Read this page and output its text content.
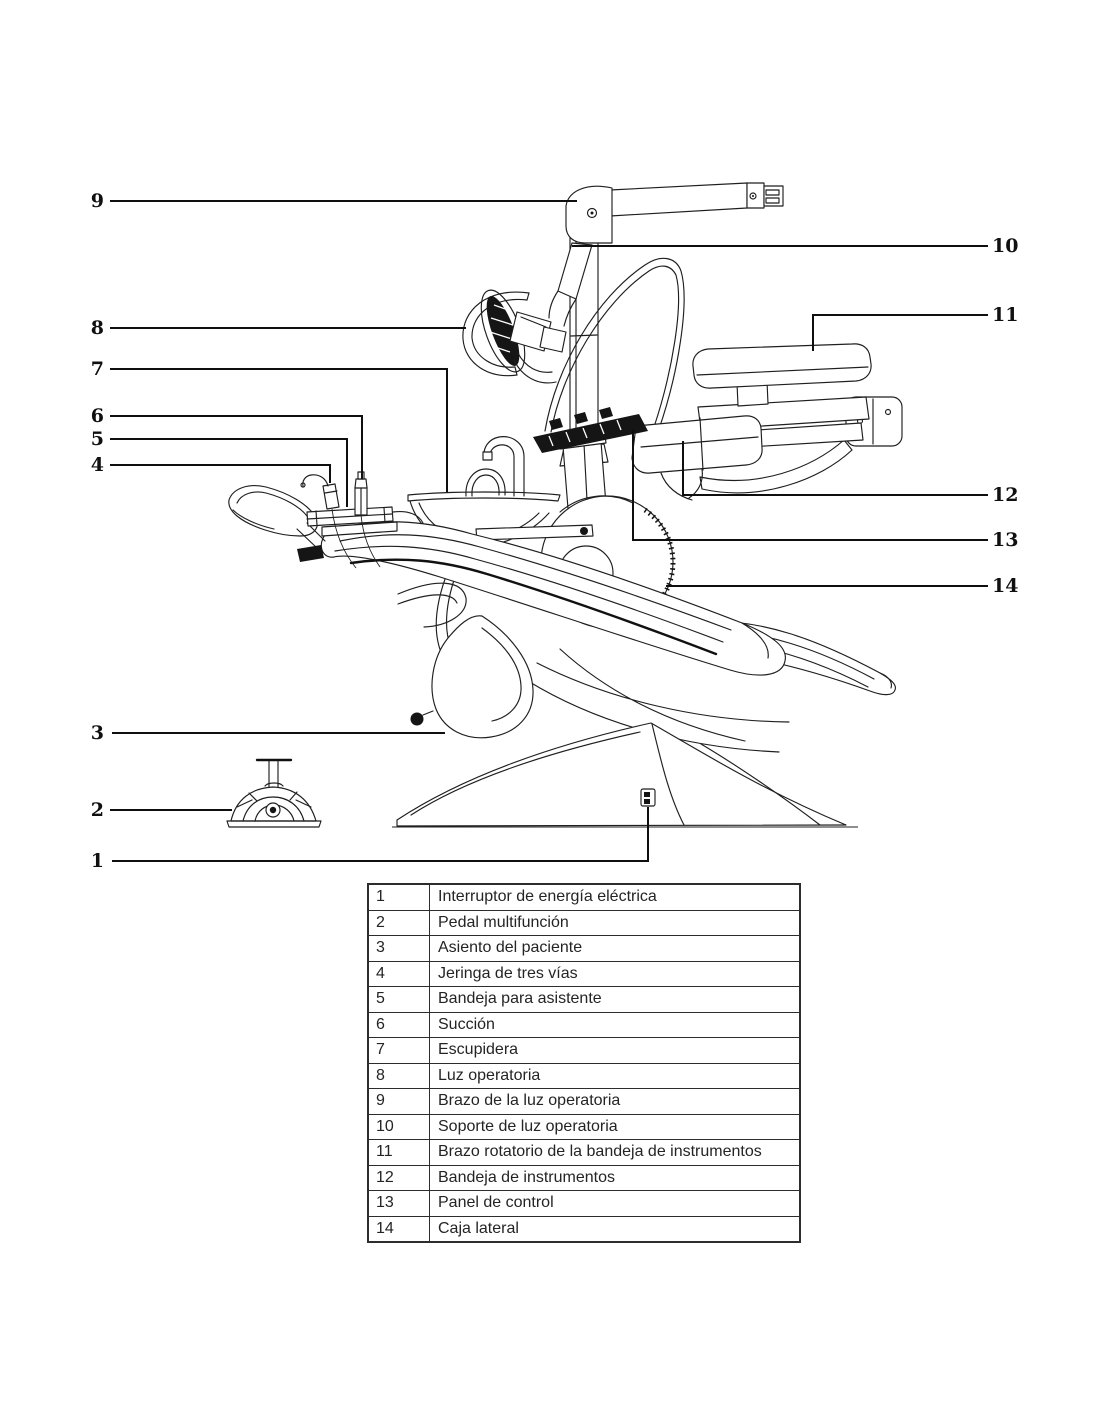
9
8
7
6
5
4
3
2
1
10
11
12
13
14
1	Interruptor de energía eléctrica
2	Pedal multifunción
3	Asiento del paciente
4	Jeringa de tres vías
5	Bandeja para asistente
6	Succión
7	Escupidera
8	Luz operatoria
9	Brazo de la luz operatoria
10	Soporte de luz operatoria
11	Brazo rotatorio de la bandeja de instrumentos
12	Bandeja de instrumentos
13	Panel de control
14	Caja lateral
